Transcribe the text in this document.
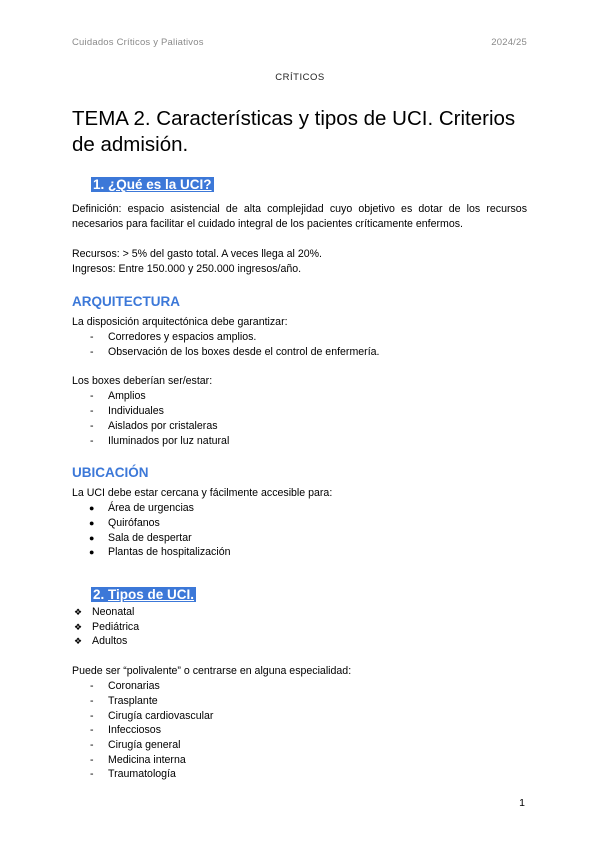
Cuidados Críticos y Paliativos	2024/25
CRÍTICOS
TEMA 2. Características y tipos de UCI. Criterios de admisión.
1. ¿Qué es la UCI?

Definición: espacio asistencial de alta complejidad cuyo objetivo es dotar de los recursos necesarios para facilitar el cuidado integral de los pacientes críticamente enfermos.

Recursos: > 5% del gasto total. A veces llega al 20%.

Ingresos: Entre 150.000 y 250.000 ingresos/año.

ARQUITECTURA

La disposición arquitectónica debe garantizar:

- Corredores y espacios amplios.
- Observación de los boxes desde el control de enfermería.

Los boxes deberían ser/estar:

- Amplios
- Individuales
- Aislados por cristaleras
- Iluminados por luz natural
UBICACIÓN

La UCI debe estar cercana y fácilmente accesible para:

● Área de urgencias
● Quirófanos
● Sala de despertar
● Plantas de hospitalización
2. Tipos de UCI.
❖ Neonatal
❖ Pediátrica
❖ Adultos

Puede ser “polivalente” o centrarse en alguna especialidad:

- Coronarias
- Trasplante
- Cirugía cardiovascular
- Infecciosos
- Cirugía general
- Medicina interna
- Traumatología
1
